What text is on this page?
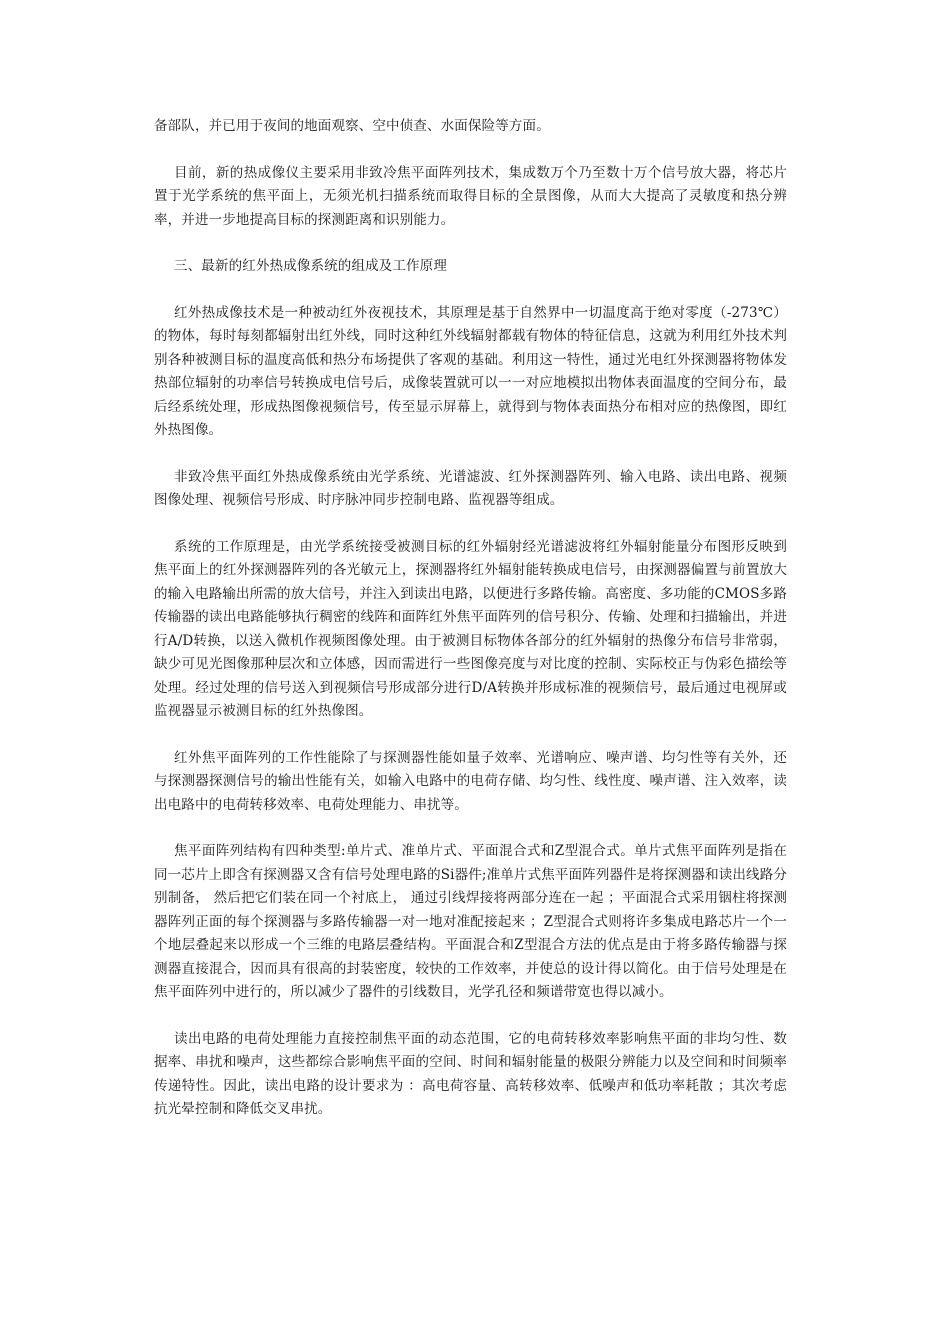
备部队，并已用于夜间的地面观察、空中侦查、水面保险等方面。

目前，新的热成像仪主要采用非致冷焦平面阵列技术，集成数万个乃至数十万个信号放大器，将芯片置于光学系统的焦平面上，无须光机扫描系统而取得目标的全景图像，从而大大提高了灵敏度和热分辨率，并进一步地提高目标的探测距离和识别能力。

三、最新的红外热成像系统的组成及工作原理

红外热成像技术是一种被动红外夜视技术，其原理是基于自然界中一切温度高于绝对零度（-273℃）的物体，每时每刻都辐射出红外线，同时这种红外线辐射都载有物体的特征信息，这就为利用红外技术判别各种被测目标的温度高低和热分布场提供了客观的基础。利用这一特性，通过光电红外探测器将物体发热部位辐射的功率信号转换成电信号后，成像装置就可以一一对应地模拟出物体表面温度的空间分布，最后经系统处理，形成热图像视频信号，传至显示屏幕上，就得到与物体表面热分布相对应的热像图，即红外热图像。

非致冷焦平面红外热成像系统由光学系统、光谱滤波、红外探测器阵列、输入电路、读出电路、视频图像处理、视频信号形成、时序脉冲同步控制电路、监视器等组成。

系统的工作原理是，由光学系统接受被测目标的红外辐射经光谱滤波将红外辐射能量分布图形反映到焦平面上的红外探测器阵列的各光敏元上，探测器将红外辐射能转换成电信号，由探测器偏置与前置放大的输入电路输出所需的放大信号，并注入到读出电路，以便进行多路传输。高密度、多功能的CMOS多路传输器的读出电路能够执行稠密的线阵和面阵红外焦平面阵列的信号积分、传输、处理和扫描输出，并进行A/D转换，以送入微机作视频图像处理。由于被测目标物体各部分的红外辐射的热像分布信号非常弱，缺少可见光图像那种层次和立体感，因而需进行一些图像亮度与对比度的控制、实际校正与伪彩色描绘等处理。经过处理的信号送入到视频信号形成部分进行D/A转换并形成标准的视频信号，最后通过电视屏或监视器显示被测目标的红外热像图。

红外焦平面阵列的工作性能除了与探测器性能如量子效率、光谱响应、噪声谱、均匀性等有关外，还与探测器探测信号的输出性能有关，如输入电路中的电荷存储、均匀性、线性度、噪声谱、注入效率，读出电路中的电荷转移效率、电荷处理能力、串扰等。

焦平面阵列结构有四种类型:单片式、准单片式、平面混合式和Z型混合式。单片式焦平面阵列是指在同一芯片上即含有探测器又含有信号处理电路的Si器件;准单片式焦平面阵列器件是将探测器和读出线路分别制备， 然后把它们装在同一个衬底上， 通过引线焊接将两部分连在一起 ；平面混合式采用铟柱将探测器阵列正面的每个探测器与多路传输器一对一地对准配接起来 ；Z型混合式则将许多集成电路芯片一个一个地层叠起来以形成一个三维的电路层叠结构。平面混合和Z型混合方法的优点是由于将多路传输器与探测器直接混合，因而具有很高的封装密度，较快的工作效率，并使总的设计得以简化。由于信号处理是在焦平面阵列中进行的，所以减少了器件的引线数目，光学孔径和频谱带宽也得以减小。

读出电路的电荷处理能力直接控制焦平面的动态范围，它的电荷转移效率影响焦平面的非均匀性、数据率、串扰和噪声，这些都综合影响焦平面的空间、时间和辐射能量的极限分辨能力以及空间和时间频率传递特性。因此，读出电路的设计要求为 ：高电荷容量、高转移效率、低噪声和低功率耗散 ；其次考虑抗光晕控制和降低交叉串扰。
